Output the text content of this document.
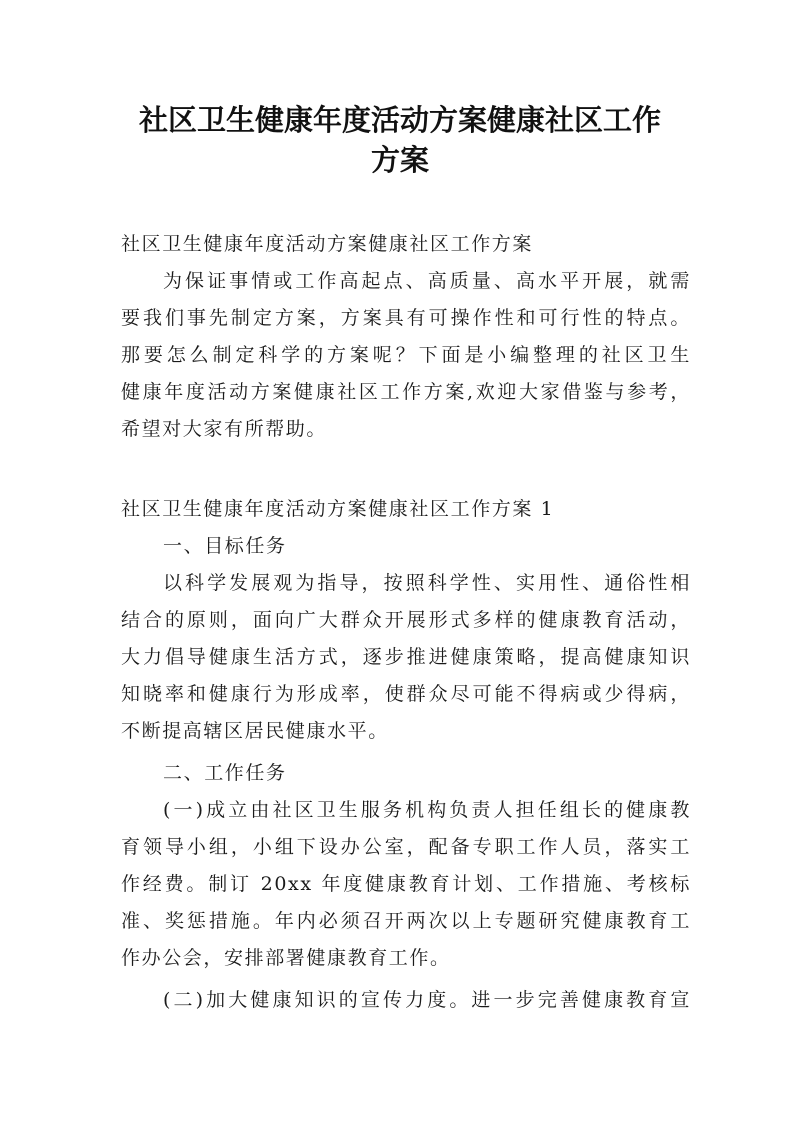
社区卫生健康年度活动方案健康社区工作
方案
社区卫生健康年度活动方案健康社区工作方案
为保证事情或工作高起点、高质量、高水平开展，就需
要我们事先制定方案，方案具有可操作性和可行性的特点。
那要怎么制定科学的方案呢？下面是小编整理的社区卫生
健康年度活动方案健康社区工作方案,欢迎大家借鉴与参考，
希望对大家有所帮助。
社区卫生健康年度活动方案健康社区工作方案 1
一、目标任务
以科学发展观为指导，按照科学性、实用性、通俗性相
结合的原则，面向广大群众开展形式多样的健康教育活动，
大力倡导健康生活方式，逐步推进健康策略，提高健康知识
知晓率和健康行为形成率，使群众尽可能不得病或少得病，
不断提高辖区居民健康水平。
二、工作任务
(一)成立由社区卫生服务机构负责人担任组长的健康教
育领导小组，小组下设办公室，配备专职工作人员，落实工
作经费。制订 20xx 年度健康教育计划、工作措施、考核标
准、奖惩措施。年内必须召开两次以上专题研究健康教育工
作办公会，安排部署健康教育工作。
(二)加大健康知识的宣传力度。进一步完善健康教育宣
